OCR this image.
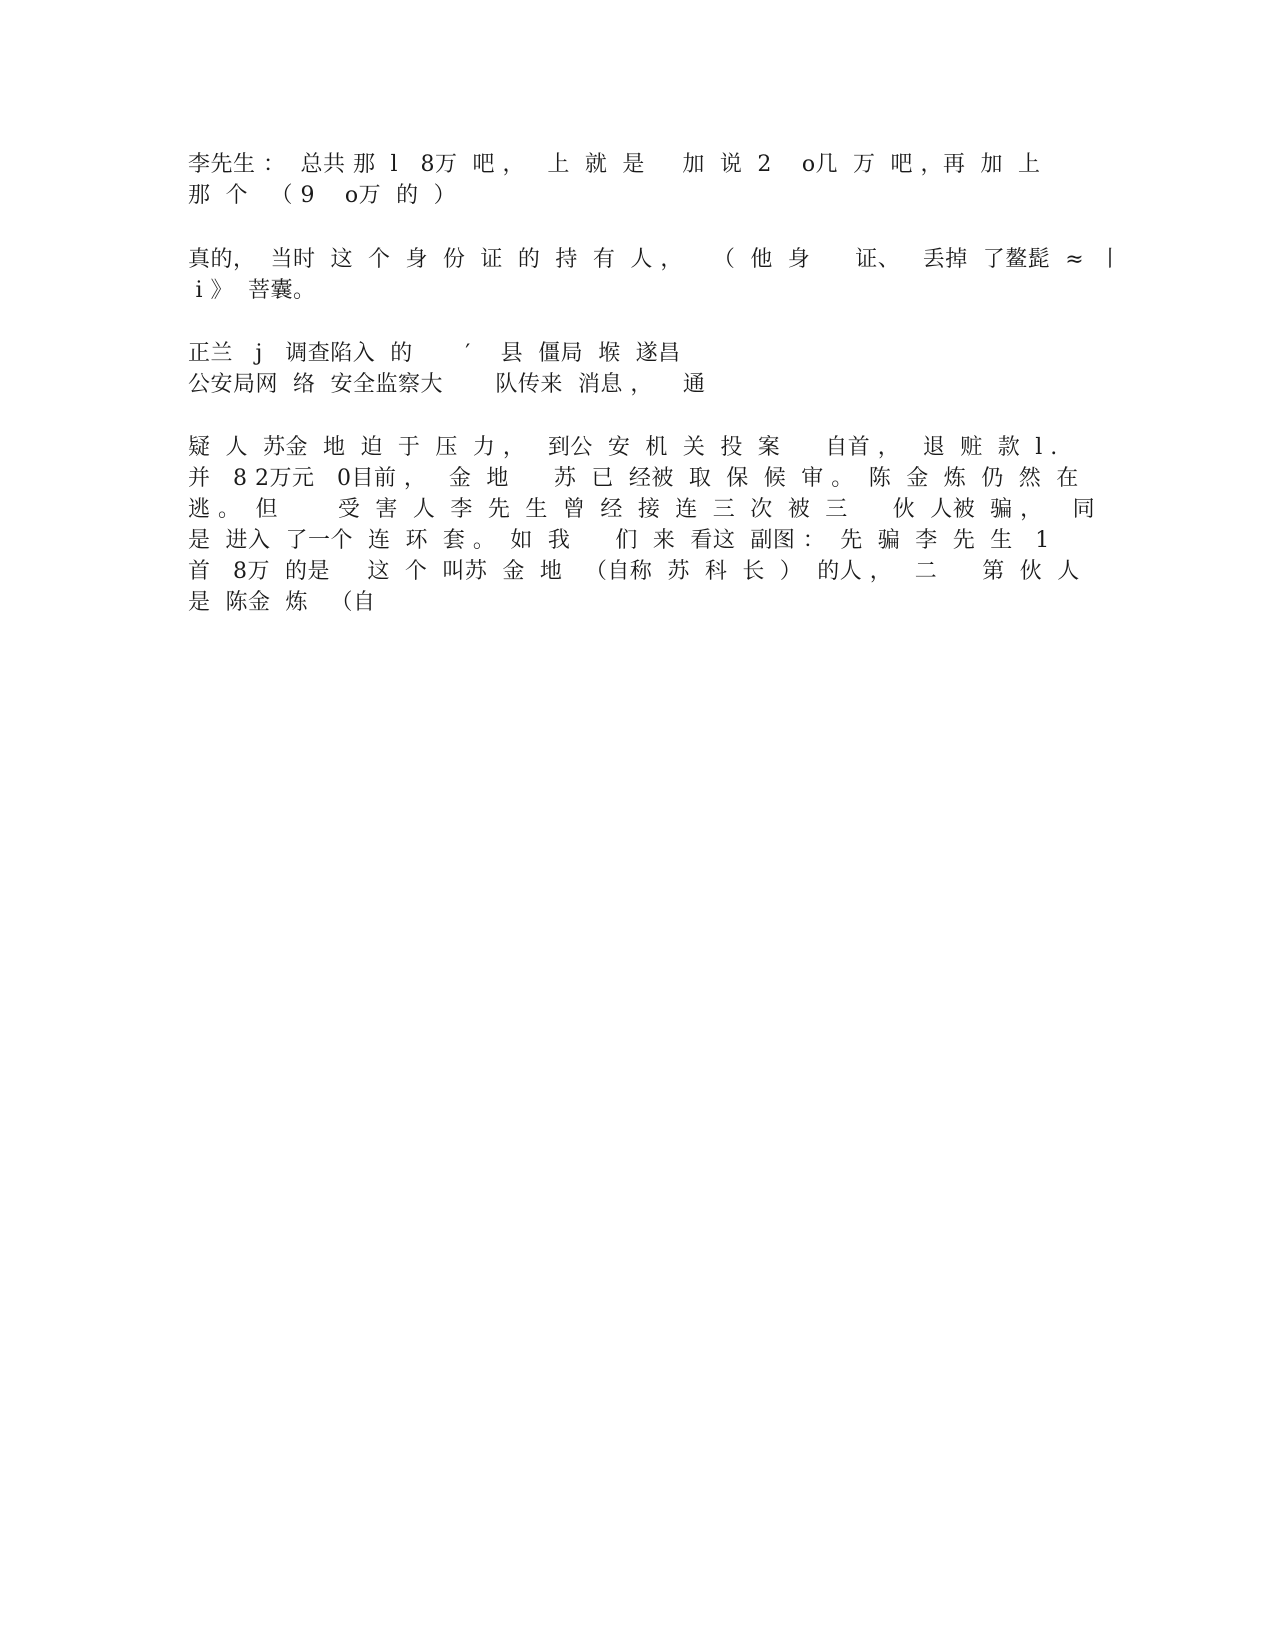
李先生 ：  总共 那  l   8万  吧 ，   上  就  是     加  说  2    o几  万  吧 ，再  加  上
那  个   （ 9    o万  的  ）
真的，  当时  这  个  身  份  证  的  持  有  人 ，    （  他  身      证、   丢掉  了鳌髭  ≈  丨
i 》  菩囊。
正兰   j   调查陷入  的       ′    县  僵局  堠  遂昌
公安局网  络  安全监察大       队传来  消息 ，    通
疑  人  苏金  地  迫  于  压  力 ，   到公  安  机  关  投  案      自首 ，   退  赃  款  l .
并   8 2万元   0目前 ，   金  地      苏  已  经被  取  保  候  审 。  陈  金  炼  仍  然  在
逃 。  但        受  害  人  李  先  生  曾  经  接  连  三  次  被  三      伙  人被  骗 ，    同
是  进入  了一个  连  环  套 。  如  我      们  来  看这  副图 ：  先  骗  李  先  生   1
首   8万  的是     这  个  叫苏  金  地   （自称  苏  科  长  ）  的人 ，   二      第  伙  人
是  陈金  炼   （自
